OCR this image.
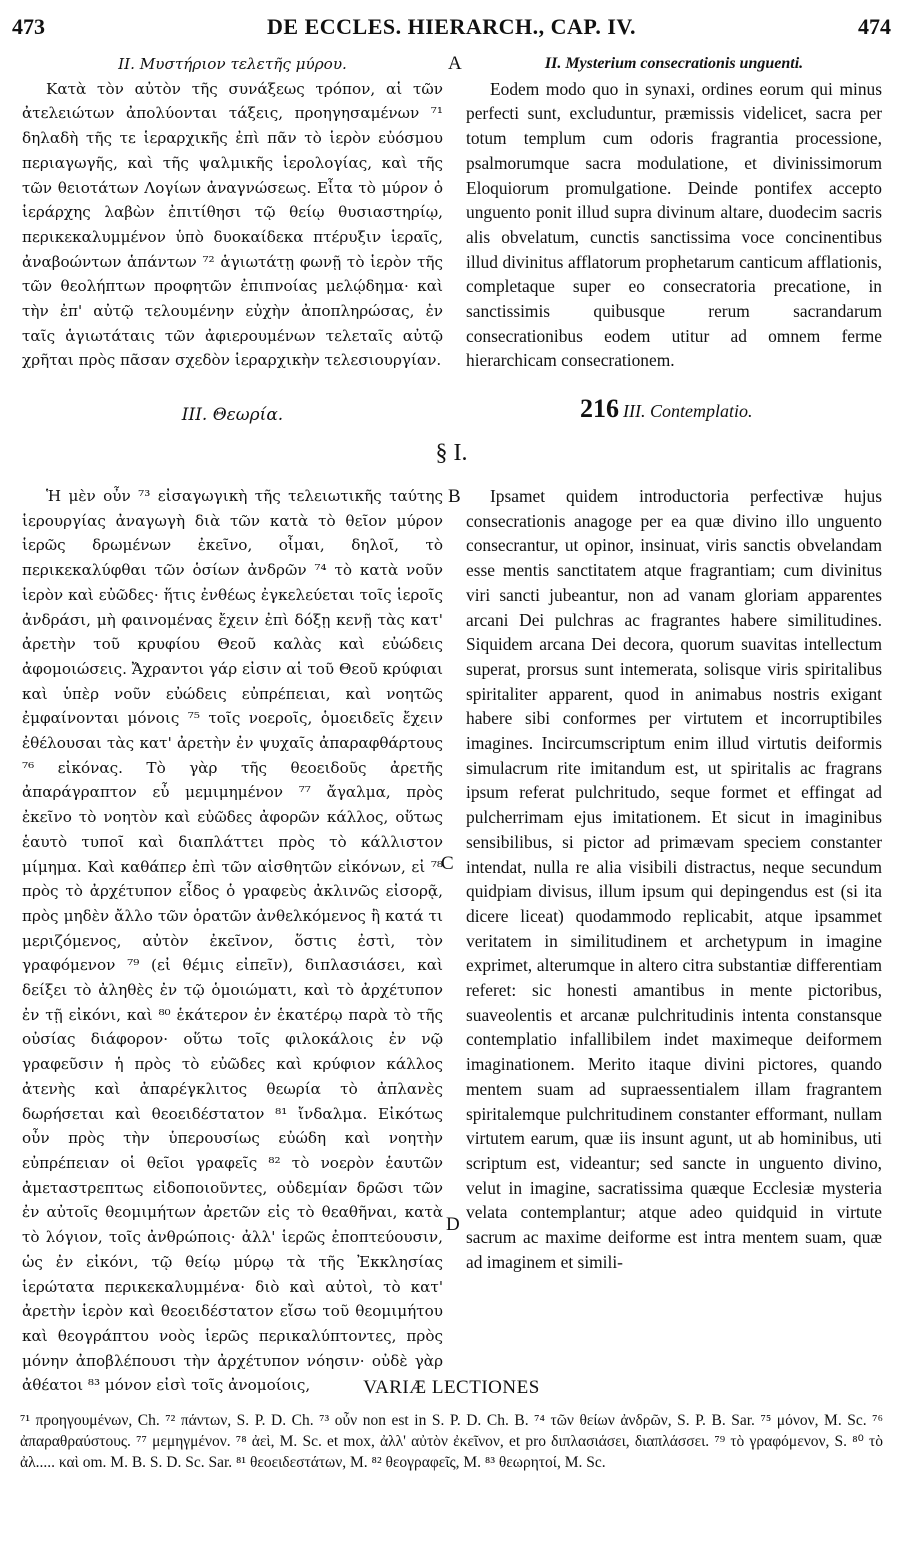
473	DE ECCLES. HIERARCH., CAP. IV.	474
II. Μυστήριον τελετῆς μύρου.

Κατὰ τὸν αὐτὸν τῆς συνάξεως τρόπον, αἱ τῶν ἀτελειώτων ἀπολύονται τάξεις, προηγησαμένων ⁷¹ δηλαδὴ τῆς τε ἱεραρχικῆς ἐπὶ πᾶν τὸ ἱερὸν εὐόσμου περιαγωγῆς, καὶ τῆς ψαλμικῆς ἱερολογίας, καὶ τῆς τῶν θειοτάτων Λογίων ἀναγνώσεως. Εἶτα τὸ μύρον ὁ ἱεράρχης λαβὼν ἐπιτίθησι τῷ θείῳ θυσιαστηρίῳ, περικεκαλυμμένον ὑπὸ δυοκαίδεκα πτέρυξιν ἱεραῖς, ἀναβοώντων ἁπάντων ⁷² ἁγιωτάτῃ φωνῇ τὸ ἱερὸν τῆς τῶν θεολήπτων προφητῶν ἐπιπνοίας μελῴδημα· καὶ τὴν ἐπ' αὐτῷ τελουμένην εὐχὴν ἀποπληρώσας, ἐν ταῖς ἁγιωτάταις τῶν ἀφιερουμένων τελεταῖς αὐτῷ χρῆται πρὸς πᾶσαν σχεδὸν ἱεραρχικὴν τελεσιουργίαν.

A	II. Mysterium consecrationis unguenti.

Eodem modo quo in synaxi, ordines eorum qui minus perfecti sunt, excluduntur, præmissis videlicet, sacra per totum templum cum odoris fragrantia processione, psalmorumque sacra modulatione, et divinissimorum Eloquiorum promulgatione. Deinde pontifex accepto unguento ponit illud supra divinum altare, duodecim sacris alis obvelatum, cunctis sanctissima voce concinentibus illud divinitus afflatorum prophetarum canticum afflationis, completaque super eo consecratoria precatione, in sanctissimis quibusque rerum sacrandarum consecrationibus eodem utitur ad omnem ferme hierarchicam consecrationem.

III. Θεωρία.	216 III. Contemplatio.
§ I.

Ἡ μὲν οὖν ⁷³ εἰσαγωγικὴ τῆς τελειωτικῆς ταύτης ἱερουργίας ἀναγωγὴ διὰ τῶν κατὰ τὸ θεῖον μύρον ἱερῶς δρωμένων ἐκεῖνο, οἶμαι, δηλοῖ, τὸ περικεκαλύφθαι τῶν ὁσίων ἀνδρῶν ⁷⁴ τὸ κατὰ νοῦν ἱερὸν καὶ εὐῶδες· ἥτις ἐνθέως ἐγκελεύεται τοῖς ἱεροῖς ἀνδράσι, μὴ φαινομένας ἔχειν ἐπὶ δόξῃ κενῇ τὰς κατ' ἀρετὴν τοῦ κρυφίου Θεοῦ καλὰς καὶ εὐώδεις ἀφομοιώσεις. Ἄχραντοι γάρ εἰσιν αἱ τοῦ Θεοῦ κρύφιαι καὶ ὑπὲρ νοῦν εὐώδεις εὐπρέπειαι, καὶ νοητῶς ἐμφαίνονται μόνοις ⁷⁵ τοῖς νοεροῖς, ὁμοειδεῖς ἔχειν ἐθέλουσαι τὰς κατ' ἀρετὴν ἐν ψυχαῖς ἀπαραφθάρτους ⁷⁶ εἰκόνας. Τὸ γὰρ τῆς θεοειδοῦς ἀρετῆς ἀπαράγραπτον εὖ μεμιμημένον ⁷⁷ ἄγαλμα, πρὸς ἐκεῖνο τὸ νοητὸν καὶ εὐῶδες ἀφορῶν κάλλος, οὕτως ἑαυτὸ τυποῖ καὶ διαπλάττει πρὸς τὸ κάλλιστον μίμημα. Καὶ καθάπερ ἐπὶ τῶν αἰσθητῶν εἰκόνων, εἰ ⁷⁸ πρὸς τὸ ἀρχέτυπον εἶδος ὁ γραφεὺς ἀκλινῶς εἰσορᾷ, πρὸς μηδὲν ἄλλο τῶν ὁρατῶν ἀνθελκόμενος ἢ κατά τι μεριζόμενος, αὐτὸν ἐκεῖνον, ὅστις ἐστὶ, τὸν γραφόμενον ⁷⁹ (εἰ θέμις εἰπεῖν), διπλασιάσει, καὶ δείξει τὸ ἀληθὲς ἐν τῷ ὁμοιώματι, καὶ τὸ ἀρχέτυπον ἐν τῇ εἰκόνι, καὶ ⁸⁰ ἑκάτερον ἐν ἑκατέρῳ παρὰ τὸ τῆς οὐσίας διάφορον· οὕτω τοῖς φιλοκάλοις ἐν νῷ γραφεῦσιν ἡ πρὸς τὸ εὐῶδες καὶ κρύφιον κάλλος ἀτενὴς καὶ ἀπαρέγκλιτος θεωρία τὸ ἀπλανὲς δωρήσεται καὶ θεοειδέστατον ⁸¹ ἴνδαλμα. Εἰκότως οὖν πρὸς τὴν ὑπερουσίως εὐώδη καὶ νοητὴν εὐπρέπειαν οἱ θεῖοι γραφεῖς ⁸² τὸ νοερὸν ἑαυτῶν ἀμεταστρεπτως εἰδοποιοῦντες, οὐδεμίαν δρῶσι τῶν ἐν αὐτοῖς θεομιμήτων ἀρετῶν εἰς τὸ θεαθῆναι, κατὰ τὸ λόγιον, τοῖς ἀνθρώποις· ἀλλ' ἱερῶς ἐποπτεύουσιν, ὡς ἐν εἰκόνι, τῷ θείῳ μύρῳ τὰ τῆς Ἐκκλησίας ἱερώτατα περικεκαλυμμένα· διὸ καὶ αὐτοὶ, τὸ κατ' ἀρετὴν ἱερὸν καὶ θεοειδέστατον εἴσω τοῦ θεομιμήτου καὶ θεογράπτου νοὸς ἱερῶς περικαλύπτοντες, πρὸς μόνην ἀποβλέπουσι τὴν ἀρχέτυπον νόησιν· οὐδὲ γὰρ ἀθέατοι ⁸³ μόνον εἰσὶ τοῖς ἀνομοίοις,

B
C
D

Ipsamet quidem introductoria perfectivæ hujus consecrationis anagoge per ea quæ divino illo unguento consecrantur, ut opinor, insinuat, viris sanctis obvelandam esse mentis sanctitatem atque fragrantiam; cum divinitus viri sancti jubeantur, non ad vanam gloriam apparentes arcani Dei pulchras ac fragrantes habere similitudines. Siquidem arcana Dei decora, quorum suavitas intellectum superat, prorsus sunt intemerata, solisque viris spiritalibus spiritaliter apparent, quod in animabus nostris exigant habere sibi conformes per virtutem et incorruptibiles imagines. Incircumscriptum enim illud virtutis deiformis simulacrum rite imitandum est, ut spiritalis ac fragrans ipsum referat pulchritudo, seque formet et effingat ad pulcherrimam ejus imitationem. Et sicut in imaginibus sensibilibus, si pictor ad primævam speciem constanter intendat, nulla re alia visibili distractus, neque secundum quidpiam divisus, illum ipsum qui depingendus est (si ita dicere liceat) quodammodo replicabit, atque ipsammet veritatem in similitudinem et archetypum in imagine exprimet, alterumque in altero citra substantiæ differentiam referet: sic honesti amantibus in mente pictoribus, suaveolentis et arcanæ pulchritudinis intenta constansque contemplatio infallibilem indet maximeque deiformem imaginationem. Merito itaque divini pictores, quando mentem suam ad supraessentialem illam fragrantem spiritalemque pulchritudinem constanter efformant, nullam virtutem earum, quæ iis insunt agunt, ut ab hominibus, uti scriptum est, videantur; sed sancte in unguento divino, velut in imagine, sacratissima quæque Ecclesiæ mysteria velata contemplantur; atque adeo quidquid in virtute sacrum ac maxime deiforme est intra mentem suam, quæ ad imaginem et simili-

VARIÆ LECTIONES
⁷¹ προηγουμένων, Ch. ⁷² πάντων, S. P. D. Ch. ⁷³ οὖν non est in S. P. D. Ch. B. ⁷⁴ τῶν θείων ἀνδρῶν, S. P. B. Sar. ⁷⁵ μόνον, M. Sc. ⁷⁶ ἀπαραθραύστους. ⁷⁷ μεμηγμένον. ⁷⁸ ἀεὶ, M. Sc. et mox, ἀλλ' αὐτὸν ἐκεῖνον, et pro διπλασιάσει, διαπλάσσει. ⁷⁹ τὸ γραφόμενον, S. ⁸⁰ τὸ ἀλ..... καὶ om. M. B. S. D. Sc. Sar. ⁸¹ θεοειδεστάτων, M. ⁸² θεογραφεῖς, M. ⁸³ θεωρητοί, M. Sc.
